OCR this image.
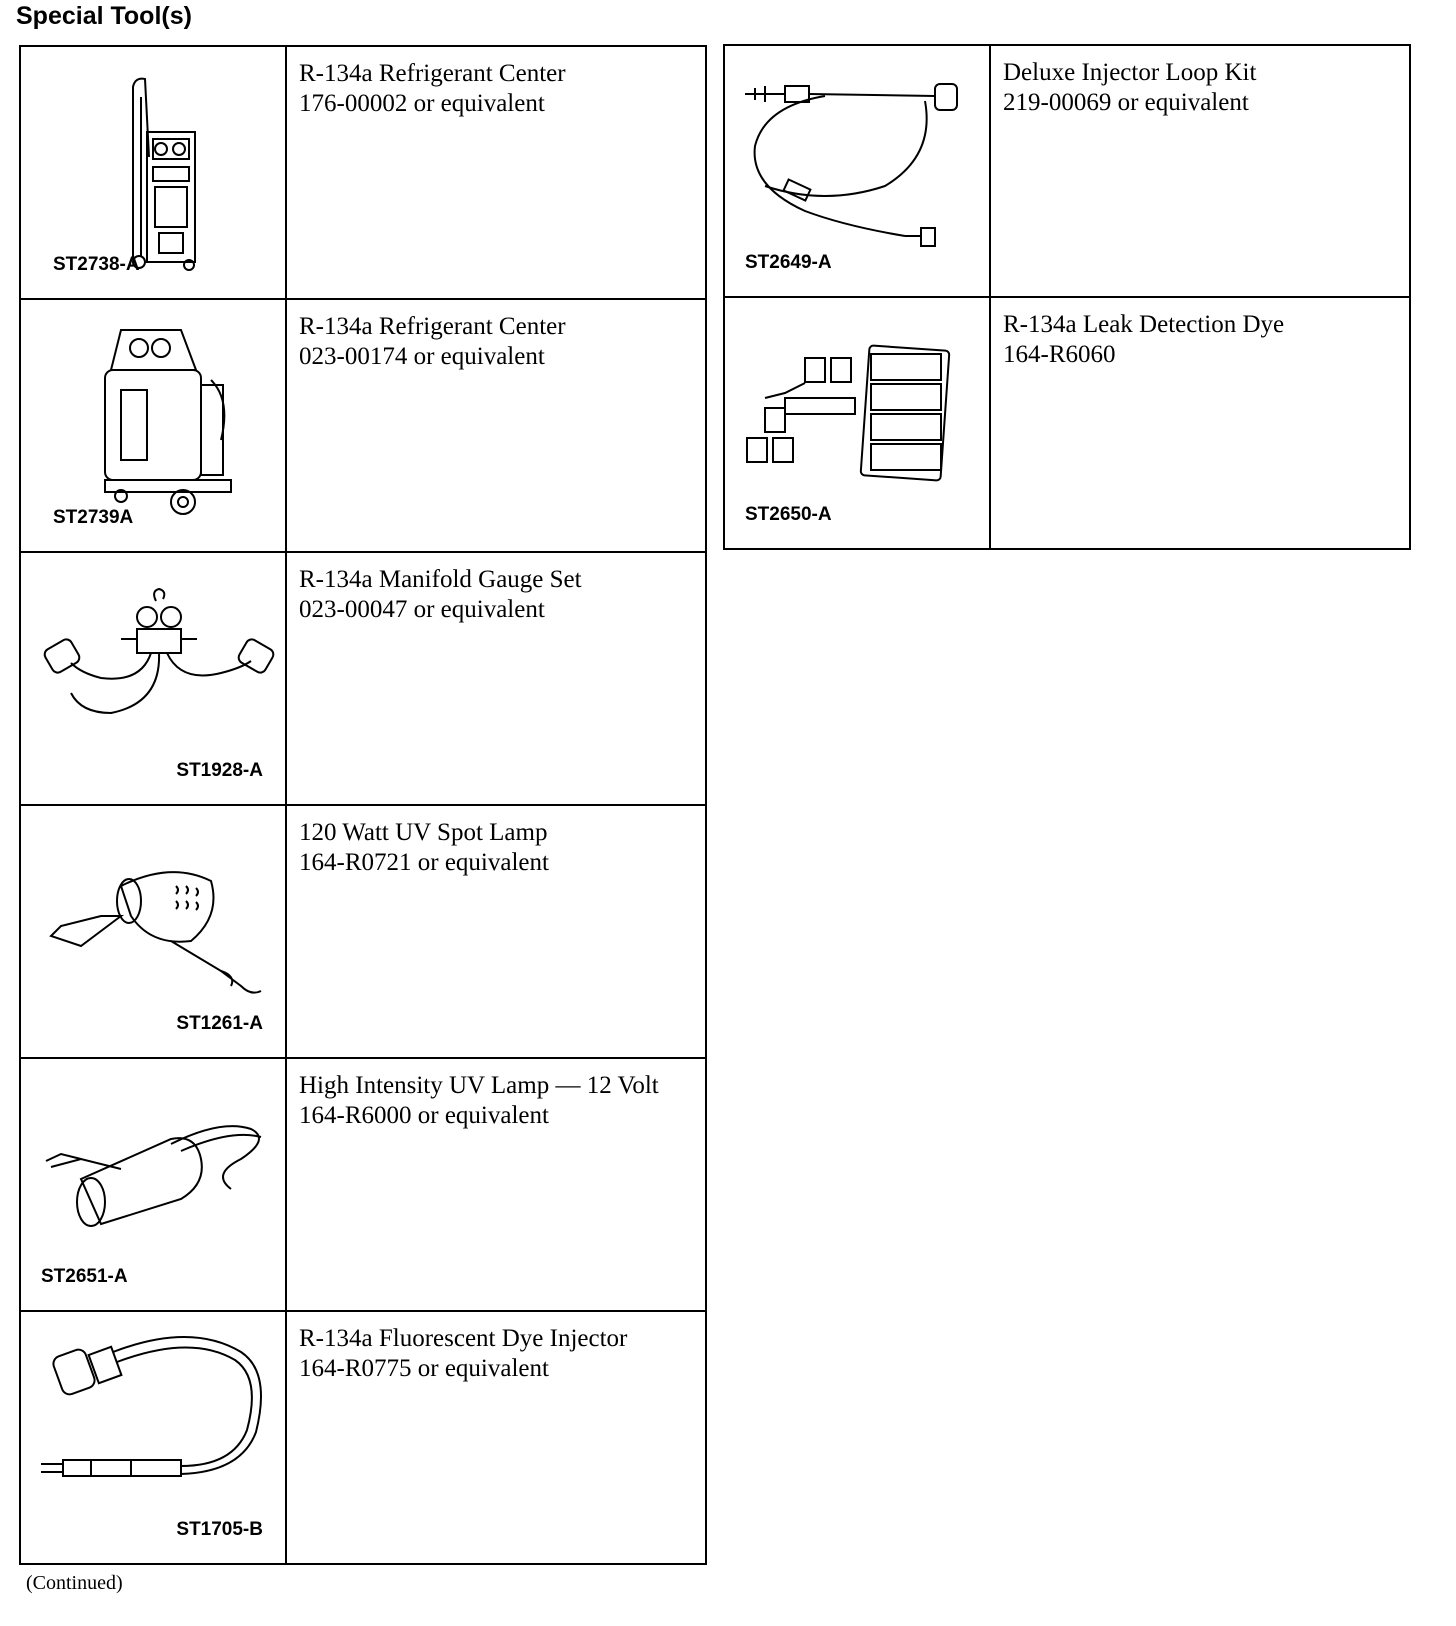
Special Tool(s)
ST2738-A	R-134a Refrigerant Center
176-00002 or equivalent

ST2739A	R-134a Refrigerant Center
023-00174 or equivalent

ST1928-A	R-134a Manifold Gauge Set
023-00047 or equivalent

ST1261-A	120 Watt UV Spot Lamp
164-R0721 or equivalent

ST2651-A	High Intensity UV Lamp — 12 Volt
164-R6000 or equivalent

ST1705-B	R-134a Fluorescent Dye Injector
164-R0775 or equivalent
ST2649-A	Deluxe Injector Loop Kit
219-00069 or equivalent

ST2650-A	R-134a Leak Detection Dye
164-R6060
(Continued)
